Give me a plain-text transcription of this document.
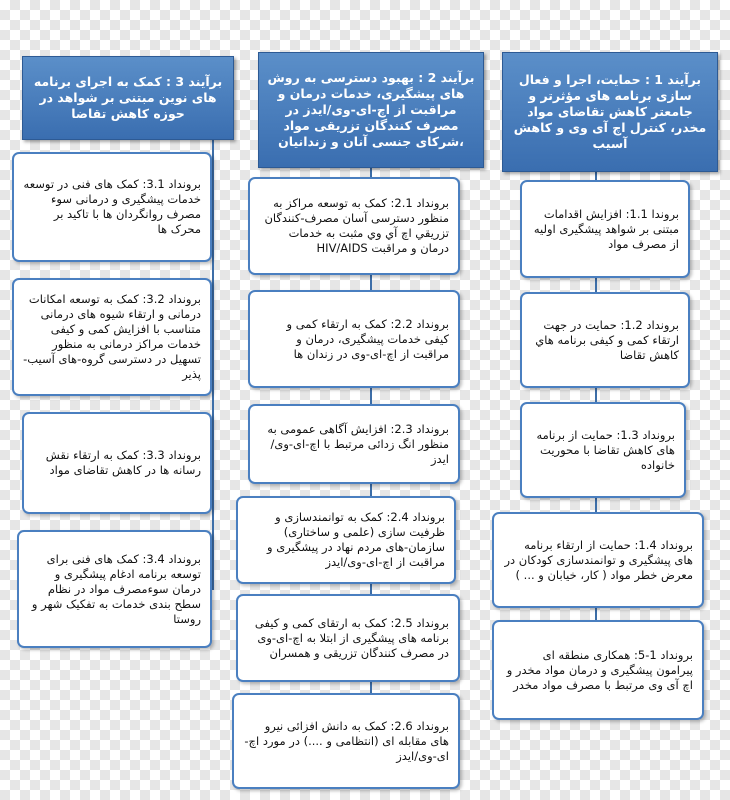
برآیند 1 : حمایت، اجرا و فعال سازی برنامه های مؤثرتر و جامعتر کاهش تقاضای مواد مخدر، کنترل اچ آی وی و کاهش آسیب
بروندا 1.1: افزایش اقدامات مبتنی بر شواهد پیشگیری اولیه از مصرف مواد
برونداد 1.2: حمایت در جهت ارتقاء کمی و کیفی برنامه هاي کاهش تقاضا
برونداد 1.3: حمایت از برنامه های کاهش تقاضا با محوریت خانواده
برونداد 1.4: حمایت از ارتقاء برنامه های پیشگیری و توانمندسازی کودکان در معرض خطر مواد ( کار، خیابان و ... )
برونداد 1-5: همکاری منطقه ای پیرامون پیشگیری و درمان مواد مخدر و اچ آی وی مرتبط با مصرف مواد مخدر
برآیند 2 : بهبود دسترسی به روش های پیشگیری، خدمات درمان و مراقبت از اچ-ای-وی/ایدز در مصرف کنندگان تزریقی مواد ،شرکای جنسی آنان و زندانیان
برونداد 2.1: کمک به توسعه مراکز به منظور دسترسی آسان مصرف-کنندگان تزریقي اچ آي وي مثبت به خدمات درمان و مراقبت HIV/AIDS
برونداد 2.2: کمک به ارتقاء کمی و کیفی خدمات پیشگیری، درمان و مراقبت از اچ-ای-وی در زندان ها
برونداد 2.3: افزایش آگاهی عمومی به منظور انگ زدائی مرتبط با اچ-ای-وی/ایدز
برونداد 2.4: کمک به توانمندسازی و ظرفیت سازی (علمی و ساختاری) سازمان-های مردم نهاد در پیشگیری و مراقبت از اچ-ای-وی/ایدز
برونداد 2.5: کمک به ارتقای کمی و کیفی برنامه های پیشگیری از ابتلا به اچ-ای-وی در مصرف کنندگان تزریقی و همسران
برونداد 2.6: کمک به دانش افزائی نیرو های مقابله ای (انتظامی و ....) در مورد اچ-ای-وی/ایدز
برآیند 3 : کمک به اجرای برنامه های نوین مبتنی بر شواهد در حوزه کاهش تقاضا
برونداد 3.1: کمک های فنی در توسعه خدمات پیشگیری و درمانی سوء مصرف روانگردان ها با تاکید بر محرک ها
برونداد 3.2: کمک به توسعه امکانات درمانی و ارتقاء شیوه های درمانی متناسب با افزایش کمی و کیفی خدمات مراکز درمانی به منظور تسهیل در دسترسی گروه-های آسیب-پذیر
برونداد 3.3: کمک به ارتقاء نقش رسانه ها در کاهش تقاضای مواد
برونداد 3.4: کمک های فنی برای توسعه برنامه ادغام پیشگیری و درمان سوءمصرف مواد در نظام سطح بندی خدمات به تفکیک شهر و روستا
